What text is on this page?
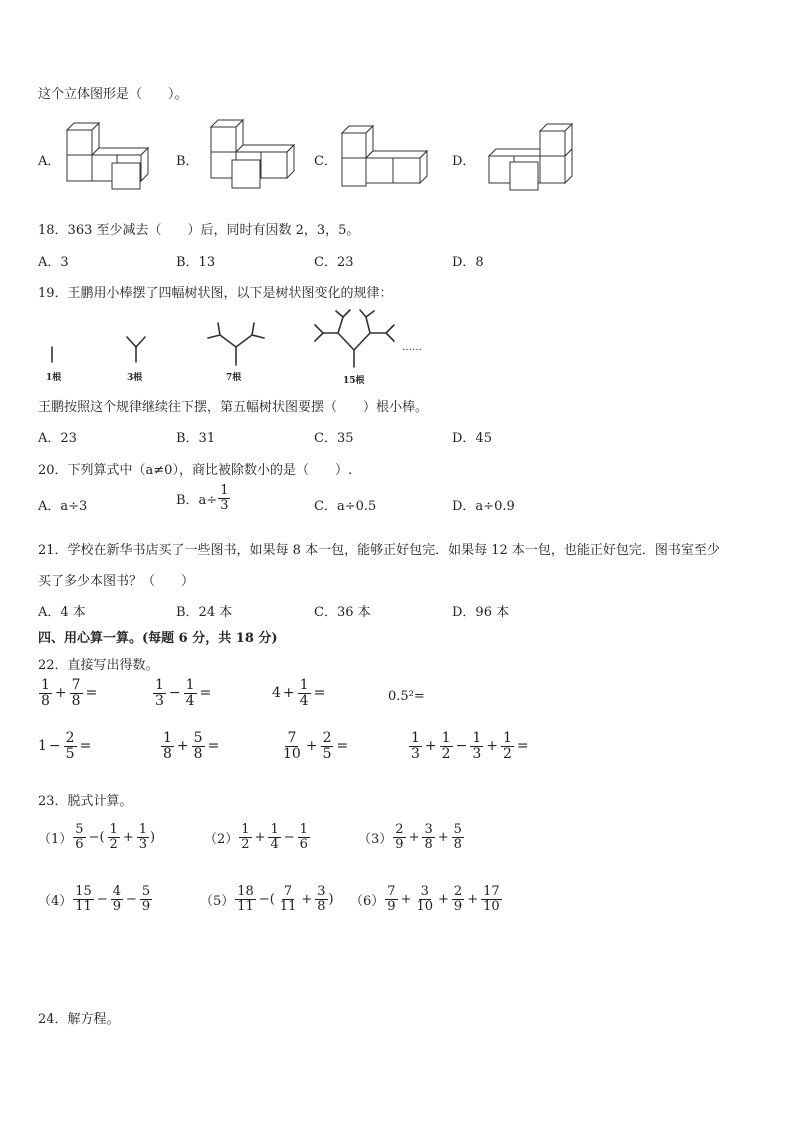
这个立体图形是（　　）。
A．	B．	C．	D．
18．363 至少减去（　　）后，同时有因数 2，3，5。
A．3	B．13	C．23	D．8
19．王鹏用小棒摆了四幅树状图，以下是树状图变化的规律：
1根	3根	7根	15根
……
王鹏按照这个规律继续往下摆，第五幅树状图要摆（　　）根小棒。
A．23	B．31	C．35	D．45
20．下列算式中（a≠0），商比被除数小的是（　　）.
A．a÷3	B．$a\div \frac{1}{3}$	C．a÷0.5	D．a÷0.9
21．学校在新华书店买了一些图书，如果每 8 本一包，能够正好包完．如果每 12 本一包，也能正好包完．图书室至少
买了多少本图书？（　　）
A．4 本	B．24 本	C．36 本	D．96 本
四、用心算一算。(每题 6 分，共 18 分)
22．直接写出得数。
$\frac{1}{8} + \frac{7}{8}$ =	$\frac{1}{3} - \frac{1}{4}$ =	$4 + \frac{1}{4}$ =	0.5²=
$1 - \frac{2}{5}$ =	$\frac{1}{8} + \frac{5}{8}$ =	$\frac{7}{10} + \frac{2}{5}$ =	$\frac{1}{3} + \frac{1}{2} - \frac{1}{3} + \frac{1}{2}$ =
23．脱式计算。
$(1) \frac{5}{6}$ −( $\frac{1}{2} + \frac{1}{3}$ )	$(2) \frac{1}{2} + \frac{1}{4} - \frac{1}{6}$	$(3) \frac{2}{9} + \frac{3}{8} + \frac{5}{8}$
$(4) \frac{15}{11} - \frac{4}{9} - \frac{5}{9}$	$(5) \frac{18}{11}$ −( $\frac{7}{11} + \frac{3}{8}$ ) $(6) \frac{7}{9} + \frac{3}{10} + \frac{2}{9} + \frac{17}{10}$
24．解方程。
